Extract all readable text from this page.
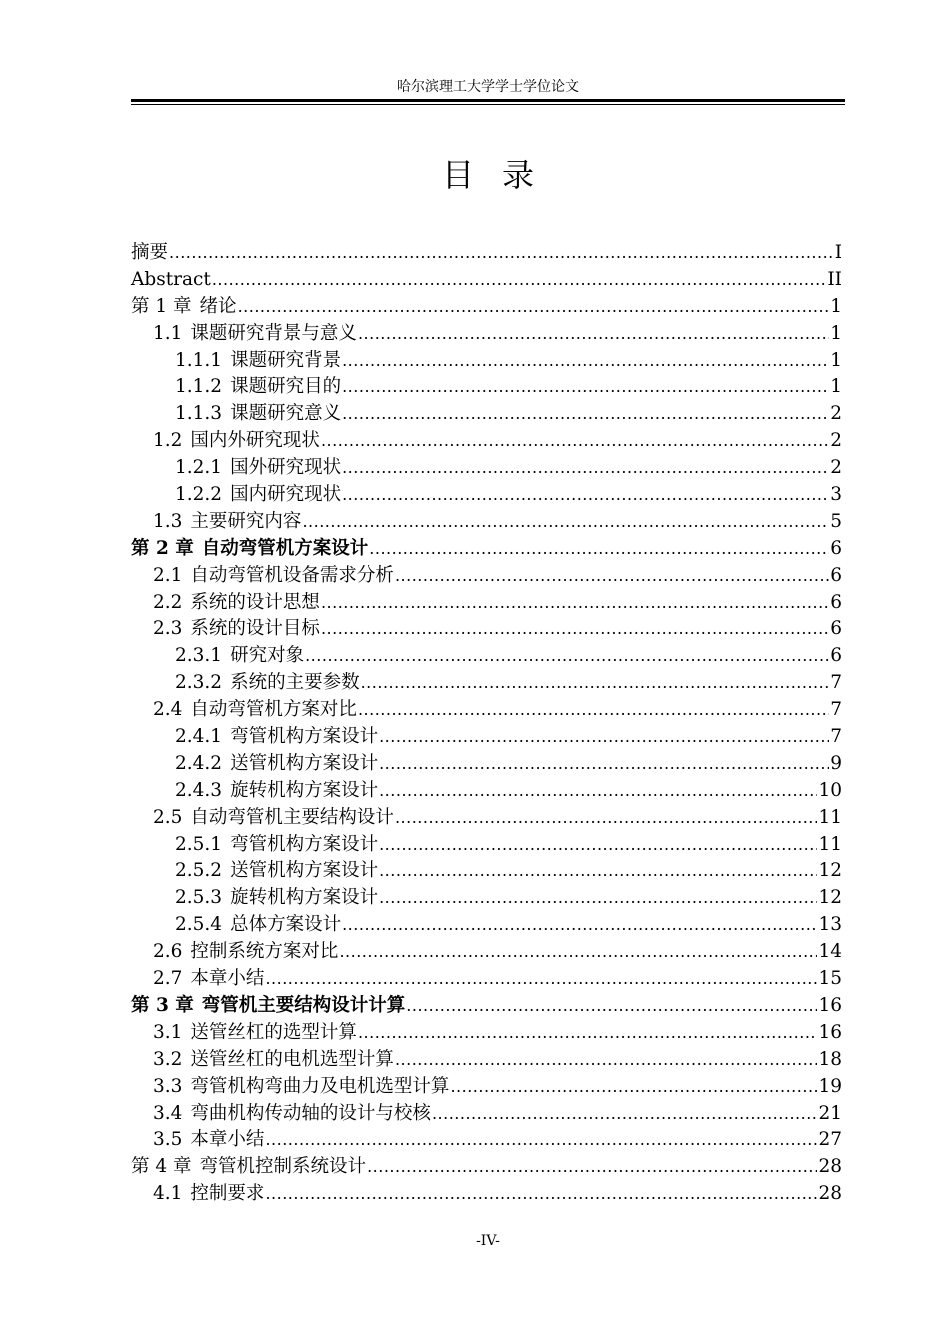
哈尔滨理工大学学士学位论文
目录
摘要 .....	I
Abstract .....	II
第 1 章 绪论 .....	1
1.1 课题研究背景与意义 .....	1
1.1.1 课题研究背景 .....	1
1.1.2 课题研究目的 .....	1
1.1.3 课题研究意义 .....	2
1.2 国内外研究现状 .....	2
1.2.1 国外研究现状 .....	2
1.2.2 国内研究现状 .....	3
1.3 主要研究内容 .....	5
第 2 章 自动弯管机方案设计 .....	6
2.1 自动弯管机设备需求分析 .....	6
2.2 系统的设计思想 .....	6
2.3 系统的设计目标 .....	6
2.3.1 研究对象 .....	6
2.3.2 系统的主要参数 .....	7
2.4 自动弯管机方案对比 .....	7
2.4.1 弯管机构方案设计 .....	7
2.4.2 送管机构方案设计 .....	9
2.4.3 旋转机构方案设计 .....	10
2.5 自动弯管机主要结构设计 .....	11
2.5.1 弯管机构方案设计 .....	11
2.5.2 送管机构方案设计 .....	12
2.5.3 旋转机构方案设计 .....	12
2.5.4 总体方案设计 .....	13
2.6 控制系统方案对比 .....	14
2.7 本章小结 .....	15
第 3 章 弯管机主要结构设计计算 .....	16
3.1 送管丝杠的选型计算 .....	16
3.2 送管丝杠的电机选型计算 .....	18
3.3 弯管机构弯曲力及电机选型计算 .....	19
3.4 弯曲机构传动轴的设计与校核 .....	21
3.5 本章小结 .....	27
第 4 章 弯管机控制系统设计 .....	28
4.1 控制要求 .....	28
-IV-
